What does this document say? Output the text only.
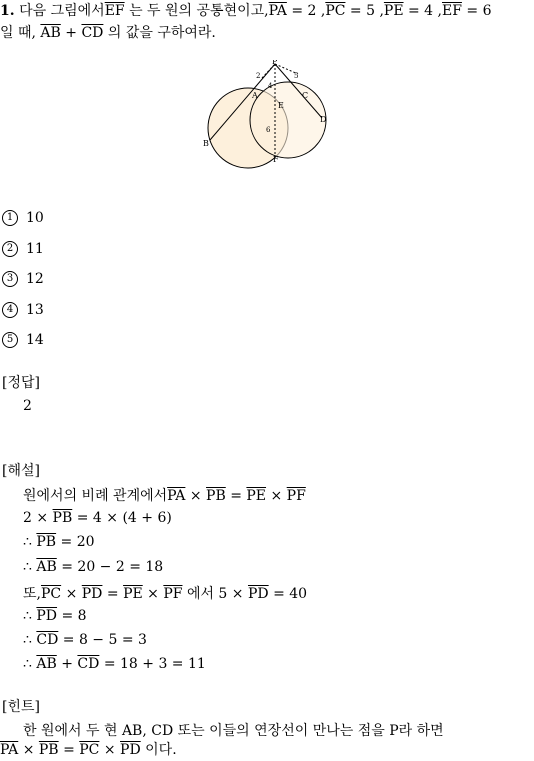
1. 다음 그림에서$\overline{EF}$ 는 두 원의 공통현이고$,\overline{PA} = 2$ $,\overline{PC} = 5$ $,\overline{PE} = 4$ $,\overline{EF} = 6$
일 때, $\overline{AB} + \overline{CD}$ 의 값을 구하여라.
P
A
B
C
D
E
F
2	5
4
6
1 10
2 11
3 12
4 13
5 14
[정답]
2
[해설]
원에서의 비례 관계에서$\overline{PA} \times \overline{PB} = \overline{PE} \times \overline{PF}$
$2 \times \overline{PB} = 4 \times (4 + 6)$
∴ $\overline{PB} = 20$
∴ $\overline{AB} = 20 - 2 = 18$
또$,\overline{PC} \times \overline{PD} = \overline{PE} \times \overline{PF}$ 에서 $5 \times \overline{PD} = 40$
∴ $\overline{PD} = 8$
∴ $\overline{CD} = 8 - 5 = 3$
∴ $\overline{AB} + \overline{CD} = 18 + 3 = 11$
[힌트]
한 원에서 두 현 AB, CD 또는 이들의 연장선이 만나는 점을 P라 하면
$\overline{PA} \times \overline{PB} = \overline{PC} \times \overline{PD}$ 이다.
